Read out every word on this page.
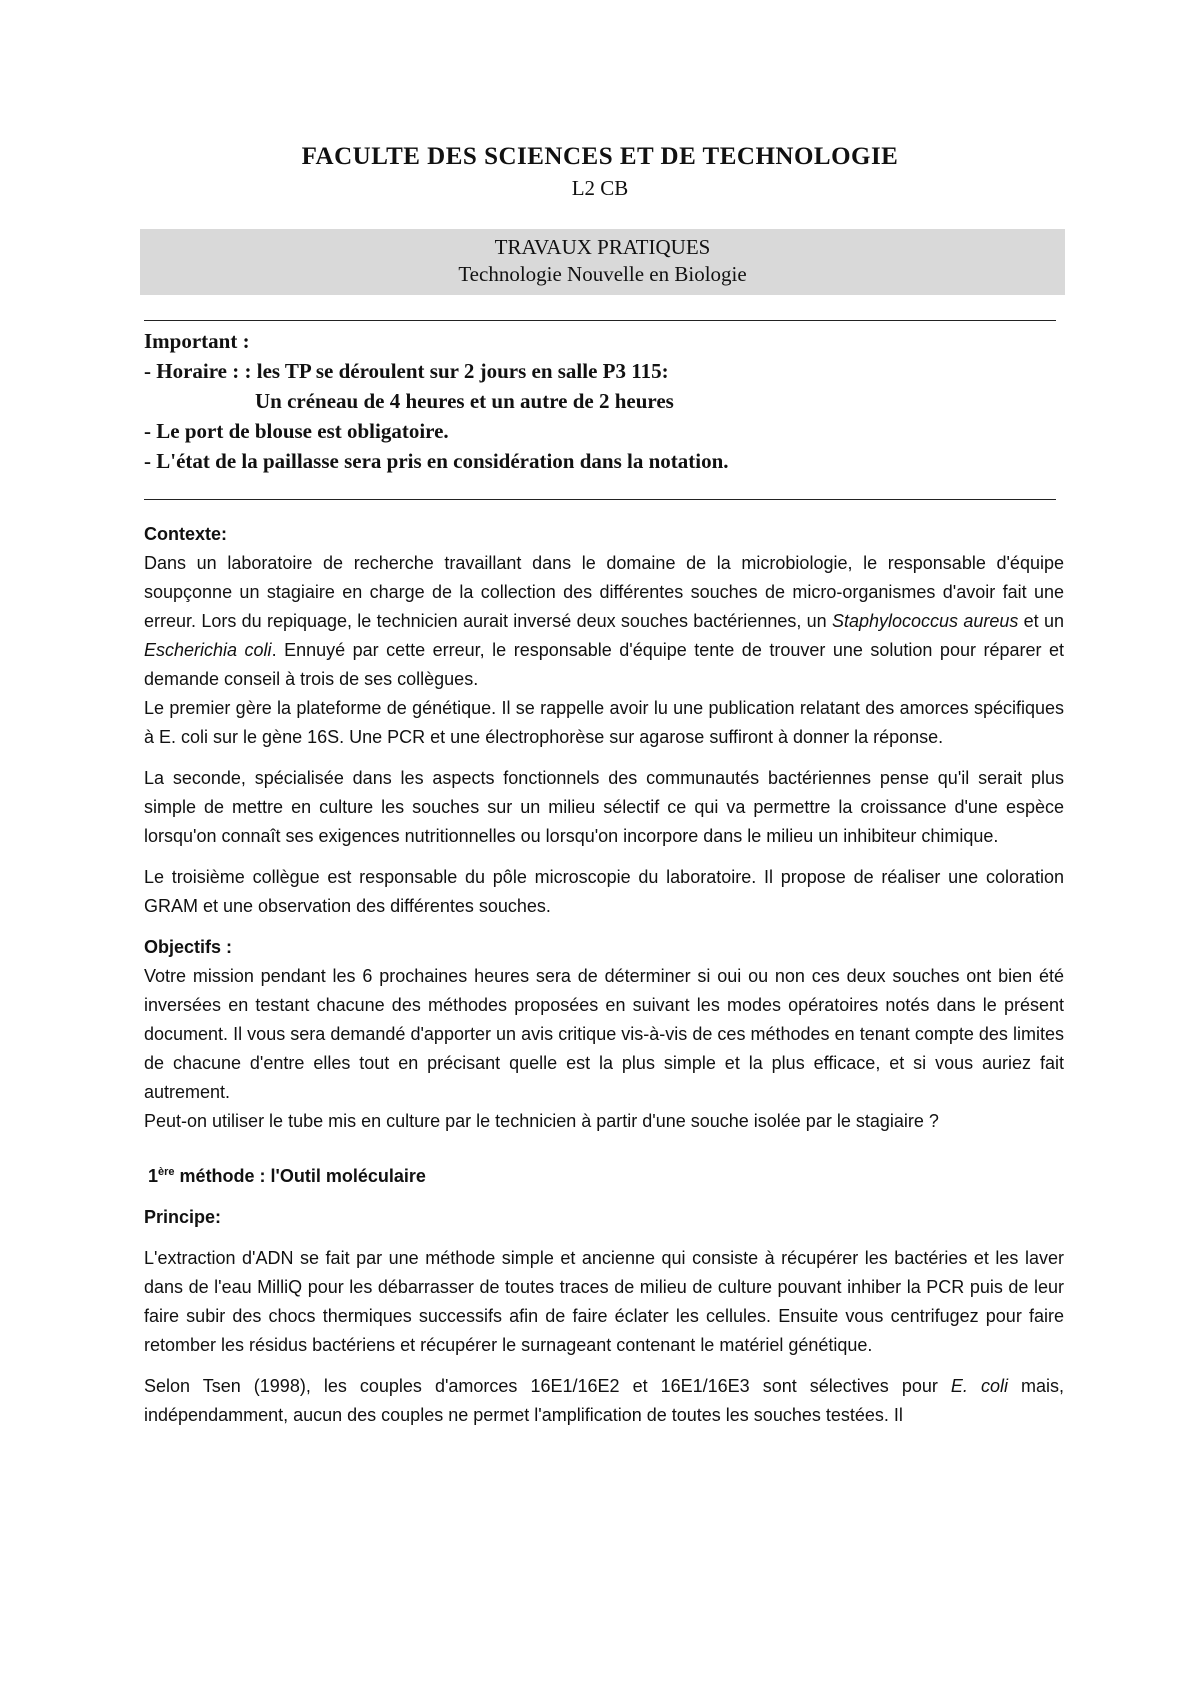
FACULTE DES SCIENCES ET DE TECHNOLOGIE
L2 CB
TRAVAUX PRATIQUES
Technologie Nouvelle en Biologie
Important :
- Horaire : : les TP se déroulent sur 2 jours en salle P3 115:
Un créneau de 4 heures et un autre de 2 heures
- Le port de blouse est obligatoire.
- L'état de la paillasse sera pris en considération dans la notation.

Contexte:

Dans un laboratoire de recherche travaillant dans le domaine de la microbiologie, le responsable d'équipe soupçonne un stagiaire en charge de la collection des différentes souches de micro-organismes d'avoir fait une erreur. Lors du repiquage, le technicien aurait inversé deux souches bactériennes, un Staphylococcus aureus et un Escherichia coli. Ennuyé par cette erreur, le responsable d'équipe tente de trouver une solution pour réparer et demande conseil à trois de ses collègues.

Le premier gère la plateforme de génétique. Il se rappelle avoir lu une publication relatant des amorces spécifiques à E. coli sur le gène 16S. Une PCR et une électrophorèse sur agarose suffiront à donner la réponse.

La seconde, spécialisée dans les aspects fonctionnels des communautés bactériennes pense qu'il serait plus simple de mettre en culture les souches sur un milieu sélectif ce qui va permettre la croissance d'une espèce lorsqu'on connaît ses exigences nutritionnelles ou lorsqu'on incorpore dans le milieu un inhibiteur chimique.

Le troisième collègue est responsable du pôle microscopie du laboratoire. Il propose de réaliser une coloration GRAM et une observation des différentes souches.

Objectifs :

Votre mission pendant les 6 prochaines heures sera de déterminer si oui ou non ces deux souches ont bien été inversées en testant chacune des méthodes proposées en suivant les modes opératoires notés dans le présent document. Il vous sera demandé d'apporter un avis critique vis-à-vis de ces méthodes en tenant compte des limites de chacune d'entre elles tout en précisant quelle est la plus simple et la plus efficace, et si vous auriez fait autrement.

Peut-on utiliser le tube mis en culture par le technicien à partir d'une souche isolée par le stagiaire ?

1ère méthode : l'Outil moléculaire

Principe:

L'extraction d'ADN se fait par une méthode simple et ancienne qui consiste à récupérer les bactéries et les laver dans de l'eau MilliQ pour les débarrasser de toutes traces de milieu de culture pouvant inhiber la PCR puis de leur faire subir des chocs thermiques successifs afin de faire éclater les cellules. Ensuite vous centrifugez pour faire retomber les résidus bactériens et récupérer le surnageant contenant le matériel génétique.

Selon Tsen (1998), les couples d'amorces 16E1/16E2 et 16E1/16E3 sont sélectives pour E. coli mais, indépendamment, aucun des couples ne permet l'amplification de toutes les souches testées. Il
